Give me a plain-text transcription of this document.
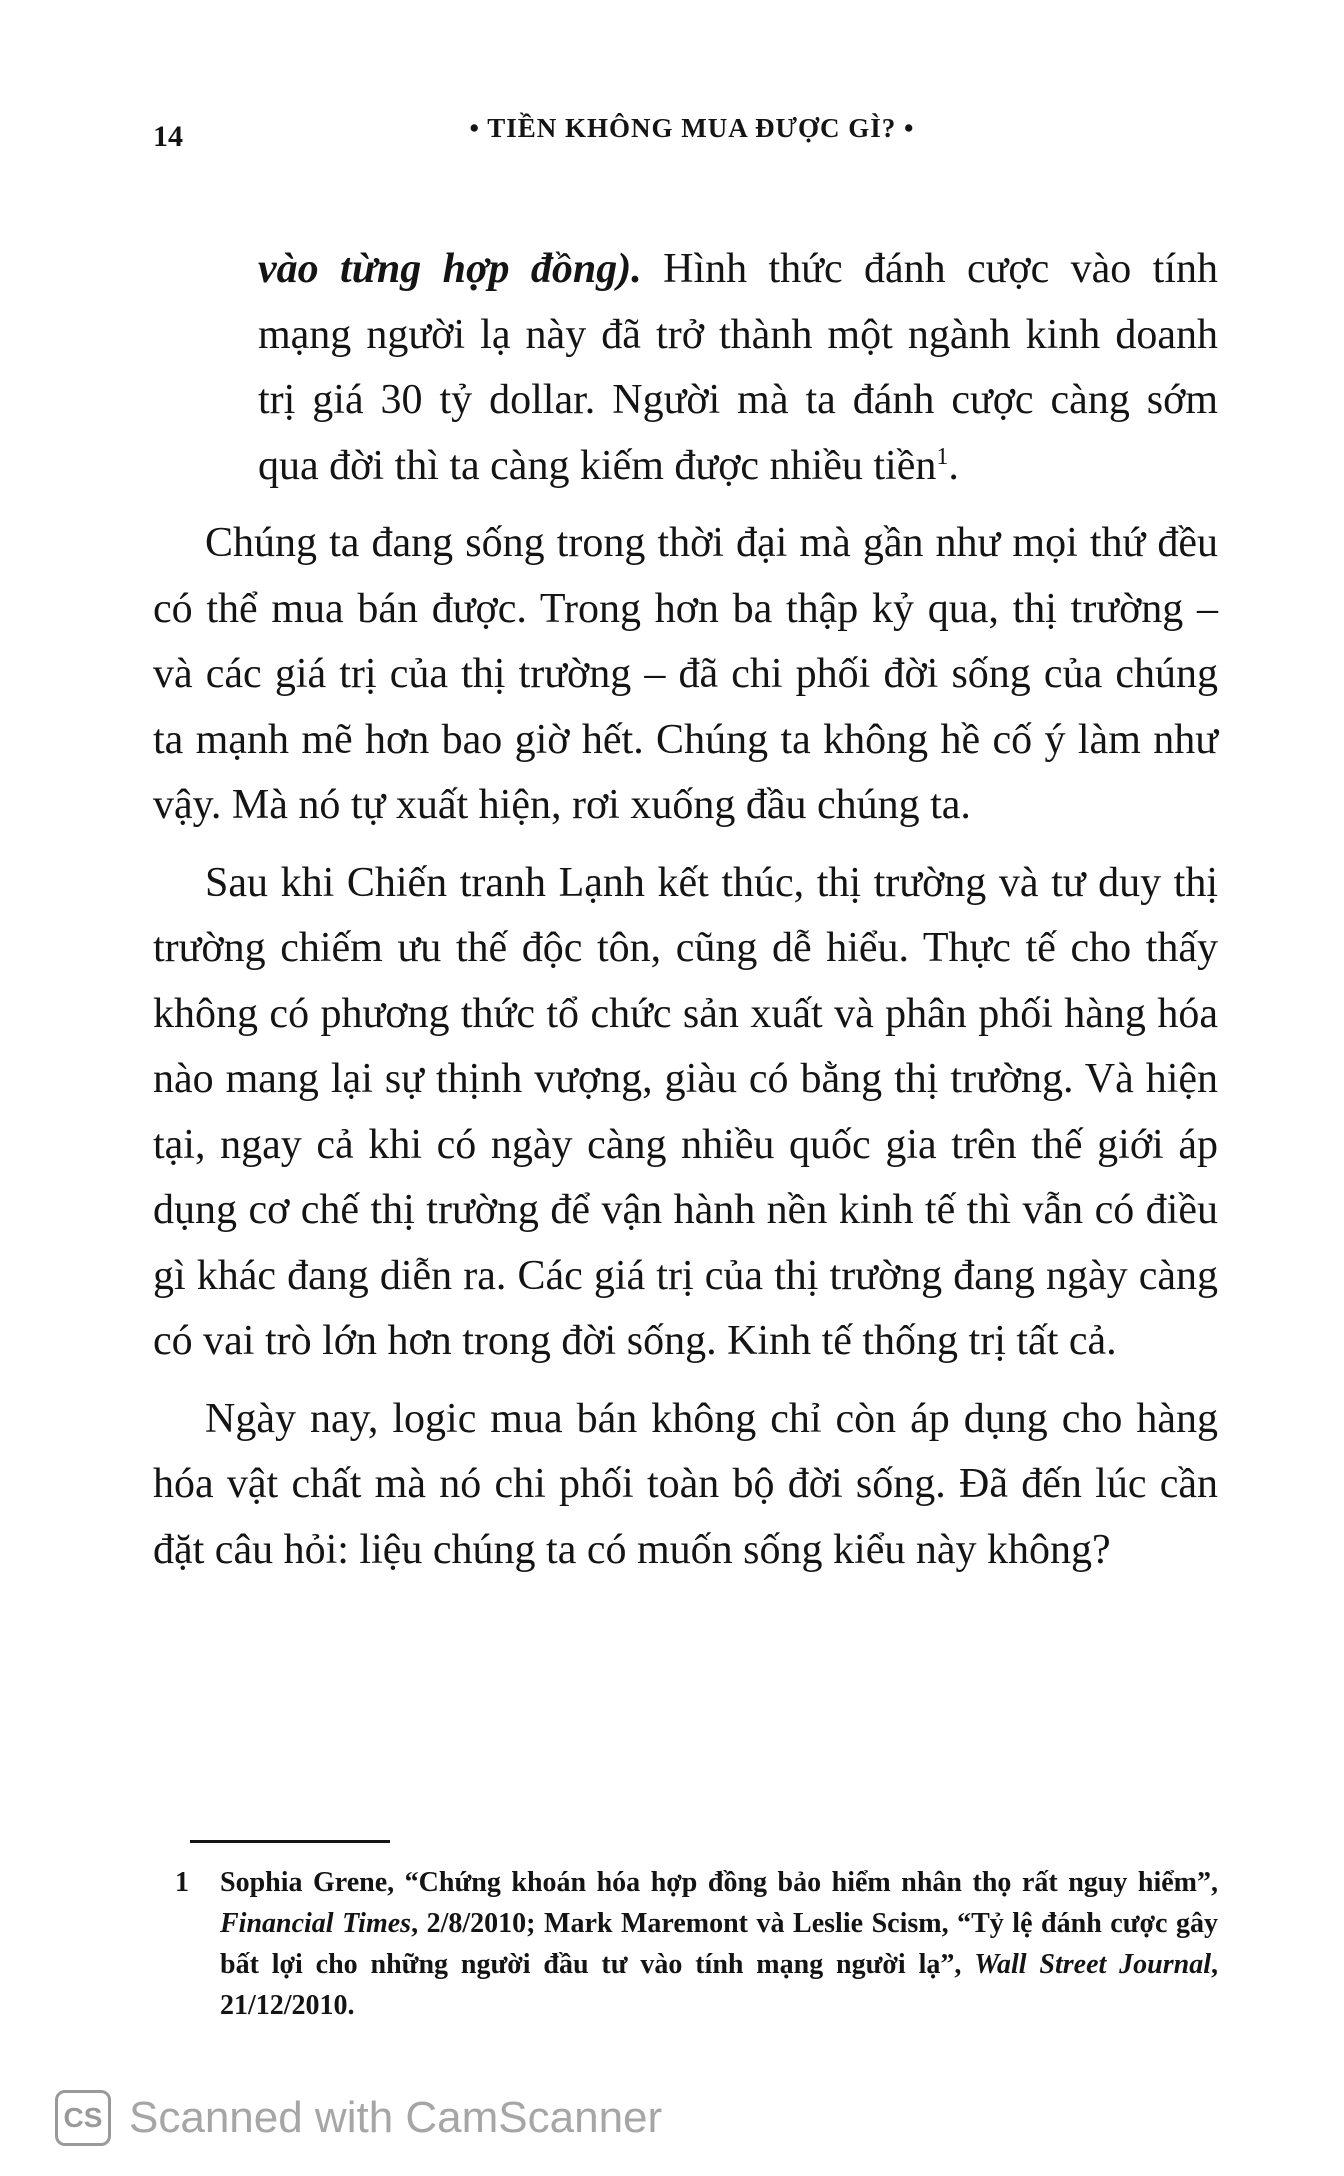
14	• TIỀN KHÔNG MUA ĐƯỢC GÌ? •

vào từng hợp đồng). Hình thức đánh cược vào tính mạng người lạ này đã trở thành một ngành kinh doanh trị giá 30 tỷ dollar. Người mà ta đánh cược càng sớm qua đời thì ta càng kiếm được nhiều tiền$^1$.

Chúng ta đang sống trong thời đại mà gần như mọi thứ đều có thể mua bán được. Trong hơn ba thập kỷ qua, thị trường – và các giá trị của thị trường – đã chi phối đời sống của chúng ta mạnh mẽ hơn bao giờ hết. Chúng ta không hề cố ý làm như vậy. Mà nó tự xuất hiện, rơi xuống đầu chúng ta.

Sau khi Chiến tranh Lạnh kết thúc, thị trường và tư duy thị trường chiếm ưu thế độc tôn, cũng dễ hiểu. Thực tế cho thấy không có phương thức tổ chức sản xuất và phân phối hàng hóa nào mang lại sự thịnh vượng, giàu có bằng thị trường. Và hiện tại, ngay cả khi có ngày càng nhiều quốc gia trên thế giới áp dụng cơ chế thị trường để vận hành nền kinh tế thì vẫn có điều gì khác đang diễn ra. Các giá trị của thị trường đang ngày càng có vai trò lớn hơn trong đời sống. Kinh tế thống trị tất cả.

Ngày nay, logic mua bán không chỉ còn áp dụng cho hàng hóa vật chất mà nó chi phối toàn bộ đời sống. Đã đến lúc cần đặt câu hỏi: liệu chúng ta có muốn sống kiểu này không?

1	Sophia Grene, “Chứng khoán hóa hợp đồng bảo hiểm nhân thọ rất nguy hiểm”, Financial Times, 2/8/2010; Mark Maremont và Leslie Scism, “Tỷ lệ đánh cược gây bất lợi cho những người đầu tư vào tính mạng người lạ”, Wall Street Journal, 21/12/2010.
CS Scanned with CamScanner
